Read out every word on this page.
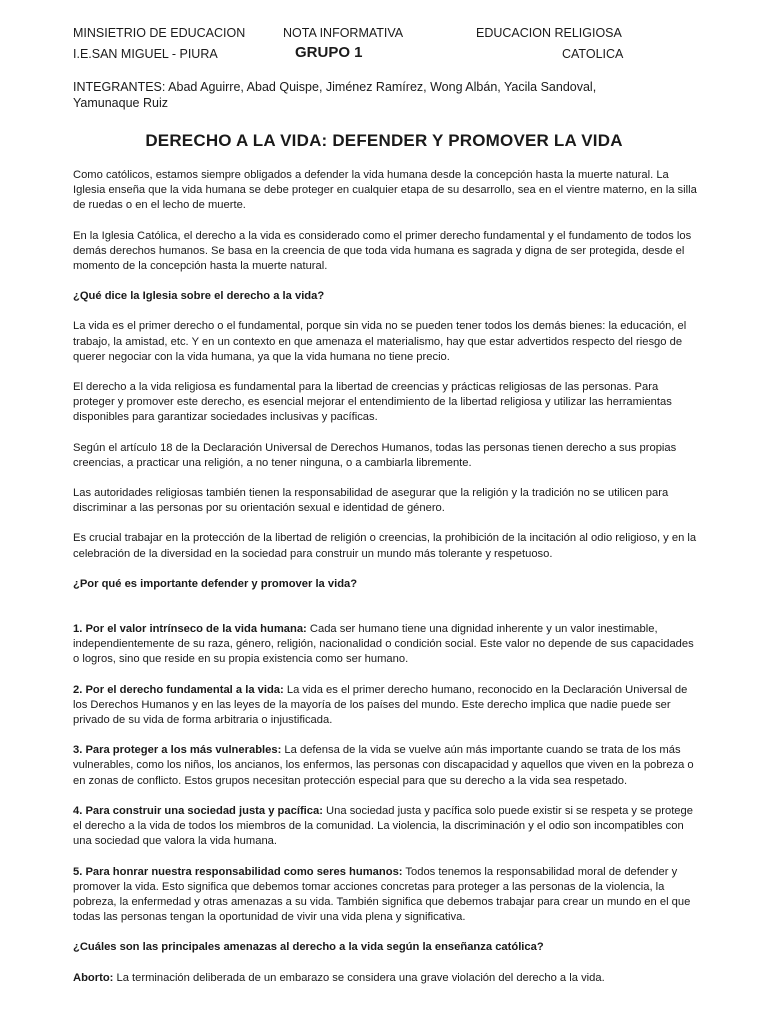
MINSIETRIO DE EDUCACION	NOTA INFORMATIVA	EDUCACION RELIGIOSA
I.E.SAN MIGUEL - PIURA	GRUPO 1	CATOLICA
INTEGRANTES: Abad Aguirre, Abad Quispe, Jiménez Ramírez, Wong Albán, Yacila Sandoval, Yamunaque Ruiz
DERECHO A LA VIDA: DEFENDER Y PROMOVER LA VIDA

Como católicos, estamos siempre obligados a defender la vida humana desde la concepción hasta la muerte natural. La Iglesia enseña que la vida humana se debe proteger en cualquier etapa de su desarrollo, sea en el vientre materno, en la silla de ruedas o en el lecho de muerte.

En la Iglesia Católica, el derecho a la vida es considerado como el primer derecho fundamental y el fundamento de todos los demás derechos humanos. Se basa en la creencia de que toda vida humana es sagrada y digna de ser protegida, desde el momento de la concepción hasta la muerte natural.

¿Qué dice la Iglesia sobre el derecho a la vida?

La vida es el primer derecho o el fundamental, porque sin vida no se pueden tener todos los demás bienes: la educación, el trabajo, la amistad, etc. Y en un contexto en que amenaza el materialismo, hay que estar advertidos respecto del riesgo de querer negociar con la vida humana, ya que la vida humana no tiene precio.

El derecho a la vida religiosa es fundamental para la libertad de creencias y prácticas religiosas de las personas. Para proteger y promover este derecho, es esencial mejorar el entendimiento de la libertad religiosa y utilizar las herramientas disponibles para garantizar sociedades inclusivas y pacíficas.

Según el artículo 18 de la Declaración Universal de Derechos Humanos, todas las personas tienen derecho a sus propias creencias, a practicar una religión, a no tener ninguna, o a cambiarla libremente.

Las autoridades religiosas también tienen la responsabilidad de asegurar que la religión y la tradición no se utilicen para discriminar a las personas por su orientación sexual e identidad de género.

Es crucial trabajar en la protección de la libertad de religión o creencias, la prohibición de la incitación al odio religioso, y en la celebración de la diversidad en la sociedad para construir un mundo más tolerante y respetuoso.

¿Por qué es importante defender y promover la vida?

1. Por el valor intrínseco de la vida humana: Cada ser humano tiene una dignidad inherente y un valor inestimable, independientemente de su raza, género, religión, nacionalidad o condición social. Este valor no depende de sus capacidades o logros, sino que reside en su propia existencia como ser humano.

2. Por el derecho fundamental a la vida: La vida es el primer derecho humano, reconocido en la Declaración Universal de los Derechos Humanos y en las leyes de la mayoría de los países del mundo. Este derecho implica que nadie puede ser privado de su vida de forma arbitraria o injustificada.

3. Para proteger a los más vulnerables: La defensa de la vida se vuelve aún más importante cuando se trata de los más vulnerables, como los niños, los ancianos, los enfermos, las personas con discapacidad y aquellos que viven en la pobreza o en zonas de conflicto. Estos grupos necesitan protección especial para que su derecho a la vida sea respetado.

4. Para construir una sociedad justa y pacífica: Una sociedad justa y pacífica solo puede existir si se respeta y se protege el derecho a la vida de todos los miembros de la comunidad. La violencia, la discriminación y el odio son incompatibles con una sociedad que valora la vida humana.

5. Para honrar nuestra responsabilidad como seres humanos: Todos tenemos la responsabilidad moral de defender y promover la vida. Esto significa que debemos tomar acciones concretas para proteger a las personas de la violencia, la pobreza, la enfermedad y otras amenazas a su vida. También significa que debemos trabajar para crear un mundo en el que todas las personas tengan la oportunidad de vivir una vida plena y significativa.

¿Cuáles son las principales amenazas al derecho a la vida según la enseñanza católica?

Aborto: La terminación deliberada de un embarazo se considera una grave violación del derecho a la vida.
